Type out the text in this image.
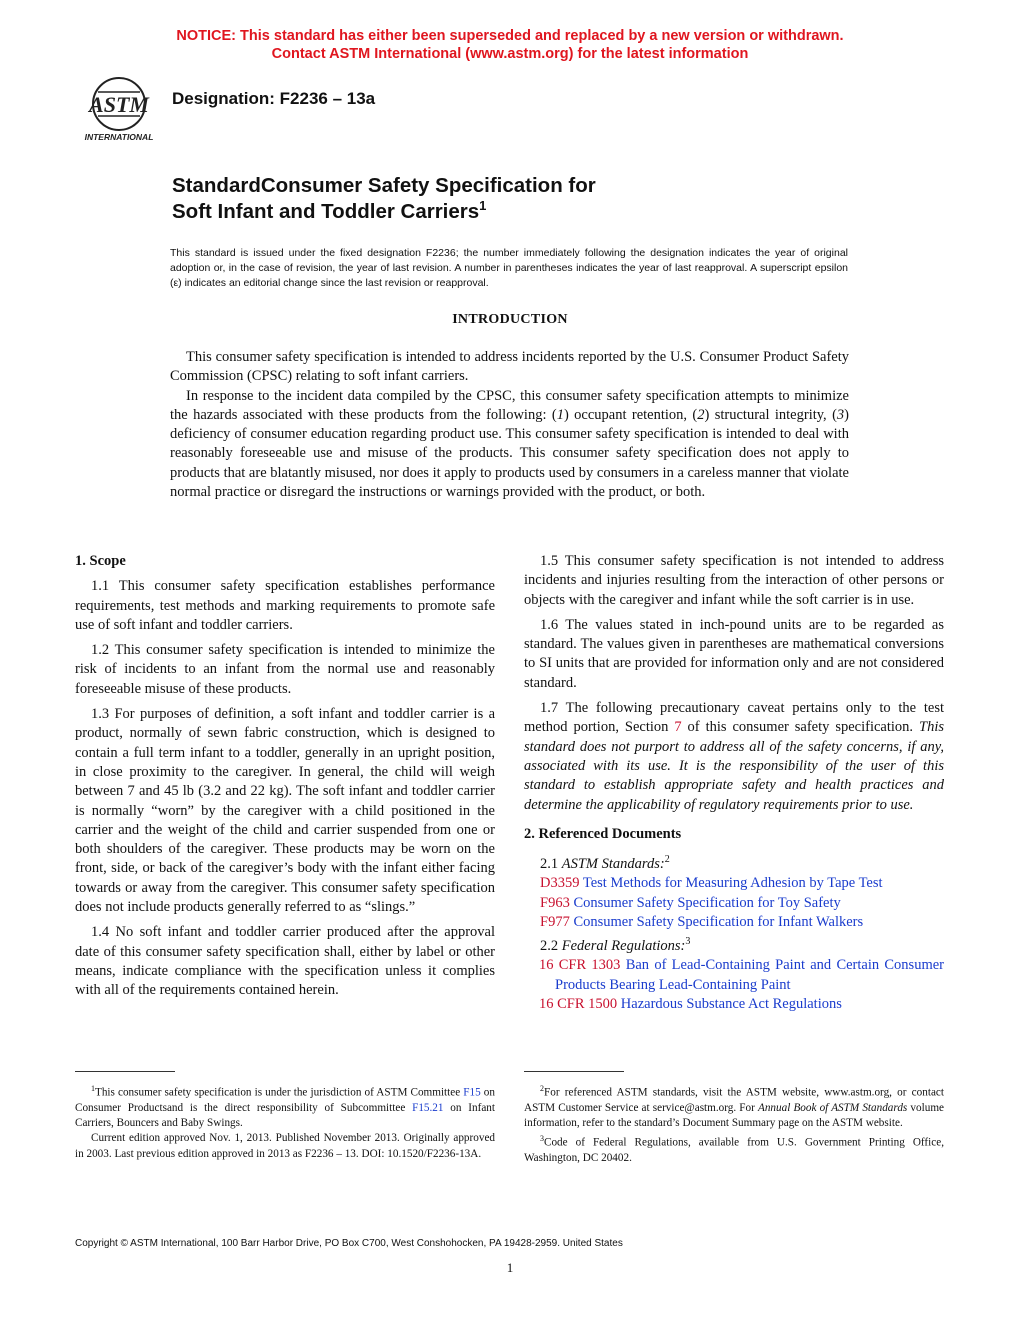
NOTICE: This standard has either been superseded and replaced by a new version or withdrawn.
Contact ASTM International (www.astm.org) for the latest information
ASTM
INTERNATIONAL
Designation: F2236 – 13a
StandardConsumer Safety Specification for
Soft Infant and Toddler Carriers$^1$
This standard is issued under the fixed designation F2236; the number immediately following the designation indicates the year of original adoption or, in the case of revision, the year of last revision. A number in parentheses indicates the year of last reapproval. A superscript epsilon (ε) indicates an editorial change since the last revision or reapproval.
INTRODUCTION

This consumer safety specification is intended to address incidents reported by the U.S. Consumer Product Safety Commission (CPSC) relating to soft infant carriers.

In response to the incident data compiled by the CPSC, this consumer safety specification attempts to minimize the hazards associated with these products from the following: (1) occupant retention, (2) structural integrity, (3) deficiency of consumer education regarding product use. This consumer safety specification is intended to deal with reasonably foreseeable use and misuse of the products. This consumer safety specification does not apply to products that are blatantly misused, nor does it apply to products used by consumers in a careless manner that violate normal practice or disregard the instructions or warnings provided with the product, or both.

1. Scope

1.1 This consumer safety specification establishes performance requirements, test methods and marking requirements to promote safe use of soft infant and toddler carriers.

1.2 This consumer safety specification is intended to minimize the risk of incidents to an infant from the normal use and reasonably foreseeable misuse of these products.

1.3 For purposes of definition, a soft infant and toddler carrier is a product, normally of sewn fabric construction, which is designed to contain a full term infant to a toddler, generally in an upright position, in close proximity to the caregiver. In general, the child will weigh between 7 and 45 lb (3.2 and 22 kg). The soft infant and toddler carrier is normally “worn” by the caregiver with a child positioned in the carrier and the weight of the child and carrier suspended from one or both shoulders of the caregiver. These products may be worn on the front, side, or back of the caregiver’s body with the infant either facing towards or away from the caregiver. This consumer safety specification does not include products generally referred to as “slings.”

1.4 No soft infant and toddler carrier produced after the approval date of this consumer safety specification shall, either by label or other means, indicate compliance with the specification unless it complies with all of the requirements contained herein.

1.5 This consumer safety specification is not intended to address incidents and injuries resulting from the interaction of other persons or objects with the caregiver and infant while the soft carrier is in use.

1.6 The values stated in inch-pound units are to be regarded as standard. The values given in parentheses are mathematical conversions to SI units that are provided for information only and are not considered standard.

1.7 The following precautionary caveat pertains only to the test method portion, Section 7 of this consumer safety specification. This standard does not purport to address all of the safety concerns, if any, associated with its use. It is the responsibility of the user of this standard to establish appropriate safety and health practices and determine the applicability of regulatory requirements prior to use.

2. Referenced Documents

2.1 ASTM Standards:$^2$

D3359 Test Methods for Measuring Adhesion by Tape Test

F963 Consumer Safety Specification for Toy Safety

F977 Consumer Safety Specification for Infant Walkers

2.2 Federal Regulations:$^3$

16 CFR 1303 Ban of Lead-Containing Paint and Certain Consumer Products Bearing Lead-Containing Paint

16 CFR 1500 Hazardous Substance Act Regulations

$^1$This consumer safety specification is under the jurisdiction of ASTM Committee F15 on Consumer Productsand is the direct responsibility of Subcommittee F15.21 on Infant Carriers, Bouncers and Baby Swings.

Current edition approved Nov. 1, 2013. Published November 2013. Originally approved in 2003. Last previous edition approved in 2013 as F2236 – 13. DOI: 10.1520/F2236-13A.

$^2$For referenced ASTM standards, visit the ASTM website, www.astm.org, or contact ASTM Customer Service at service@astm.org. For Annual Book of ASTM Standards volume information, refer to the standard’s Document Summary page on the ASTM website.

$^3$Code of Federal Regulations, available from U.S. Government Printing Office, Washington, DC 20402.

Copyright © ASTM International, 100 Barr Harbor Drive, PO Box C700, West Conshohocken, PA 19428-2959. United States
1
